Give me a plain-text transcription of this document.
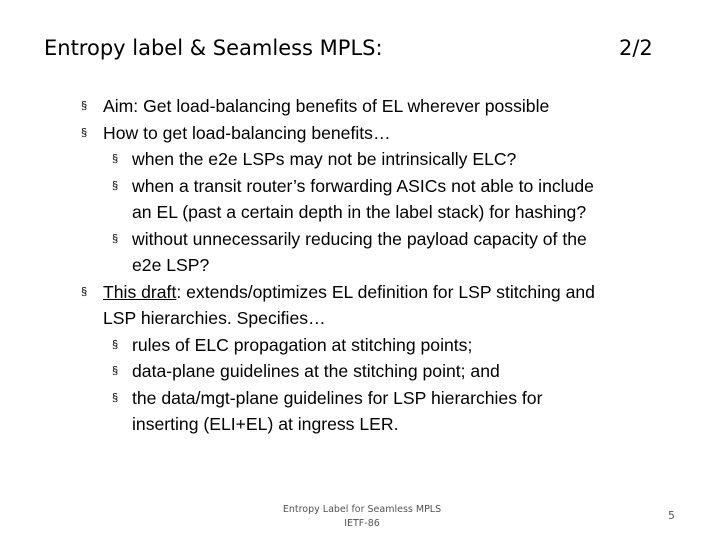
Entropy label & Seamless MPLS:	2/2
§ Aim: Get load-balancing benefits of EL wherever possible
§ How to get load-balancing benefits…
§ when the e2e LSPs may not be intrinsically ELC?
§ when a transit router’s forwarding ASICs not able to include
an EL (past a certain depth in the label stack) for hashing?
§ without unnecessarily reducing the payload capacity of the
e2e LSP?
§ This draft: extends/optimizes EL definition for LSP stitching and
LSP hierarchies. Specifies…
§ rules of ELC propagation at stitching points;
§ data-plane guidelines at the stitching point; and
§ the data/mgt-plane guidelines for LSP hierarchies for
inserting (ELI+EL) at ingress LER.
Entropy Label for Seamless MPLS
IETF-86
5
